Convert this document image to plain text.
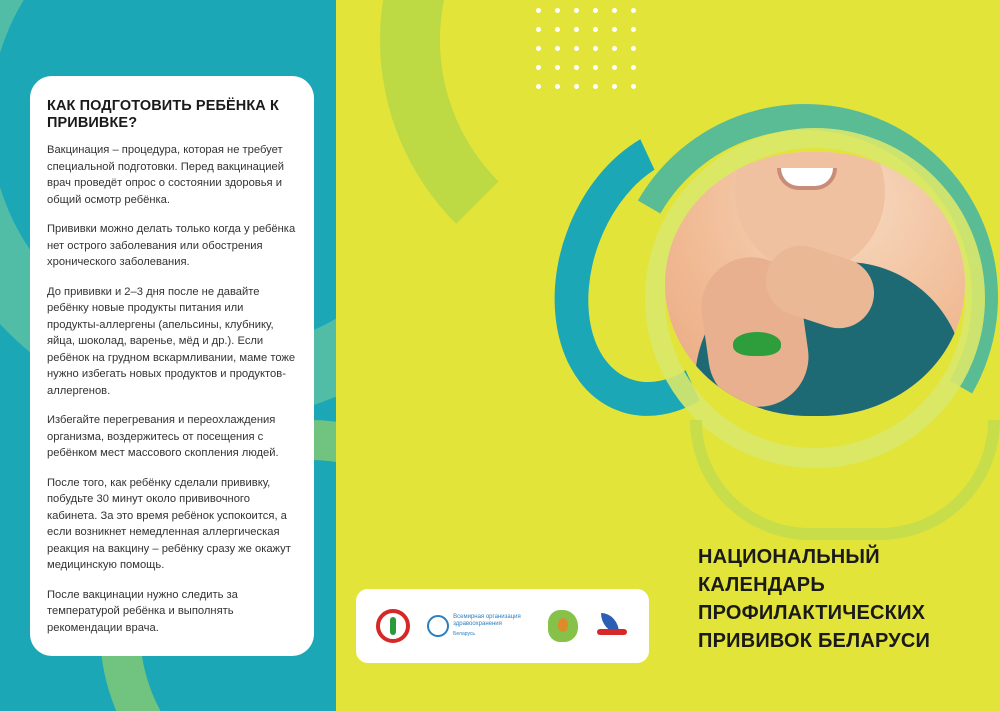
КАК ПОДГОТОВИТЬ РЕБЁНКА К ПРИВИВКЕ?

Вакцинация – процедура, которая не требует специальной подготовки. Перед вакцинацией врач проведёт опрос о состоянии здоровья и общий осмотр ребёнка.

Прививки можно делать только когда у ребёнка нет острого заболевания или обострения хронического заболевания.

До прививки и 2–3 дня после не давайте ребёнку новые продукты питания или продукты-аллергены (апельсины, клубнику, яйца, шоколад, варенье, мёд и др.). Если ребёнок на грудном вскармливании, маме тоже нужно избегать новых продуктов и продуктов-аллергенов.

Избегайте перегревания и переохлаждения организма, воздержитесь от посещения с ребёнком мест массового скопления людей.

После того, как ребёнку сделали прививку, побудьте 30 минут около прививочного кабинета. За это время ребёнок успокоится, а если возникнет немедленная аллергическая реакция на вакцину – ребёнку сразу же окажут медицинскую помощь.

После вакцинации нужно следить за температурой ребёнка и выполнять рекомендации врача.

Всемирная организация здравоохранения
Беларусь
НАЦИОНАЛЬНЫЙ КАЛЕНДАРЬ ПРОФИЛАКТИЧЕСКИХ ПРИВИВОК БЕЛАРУСИ
